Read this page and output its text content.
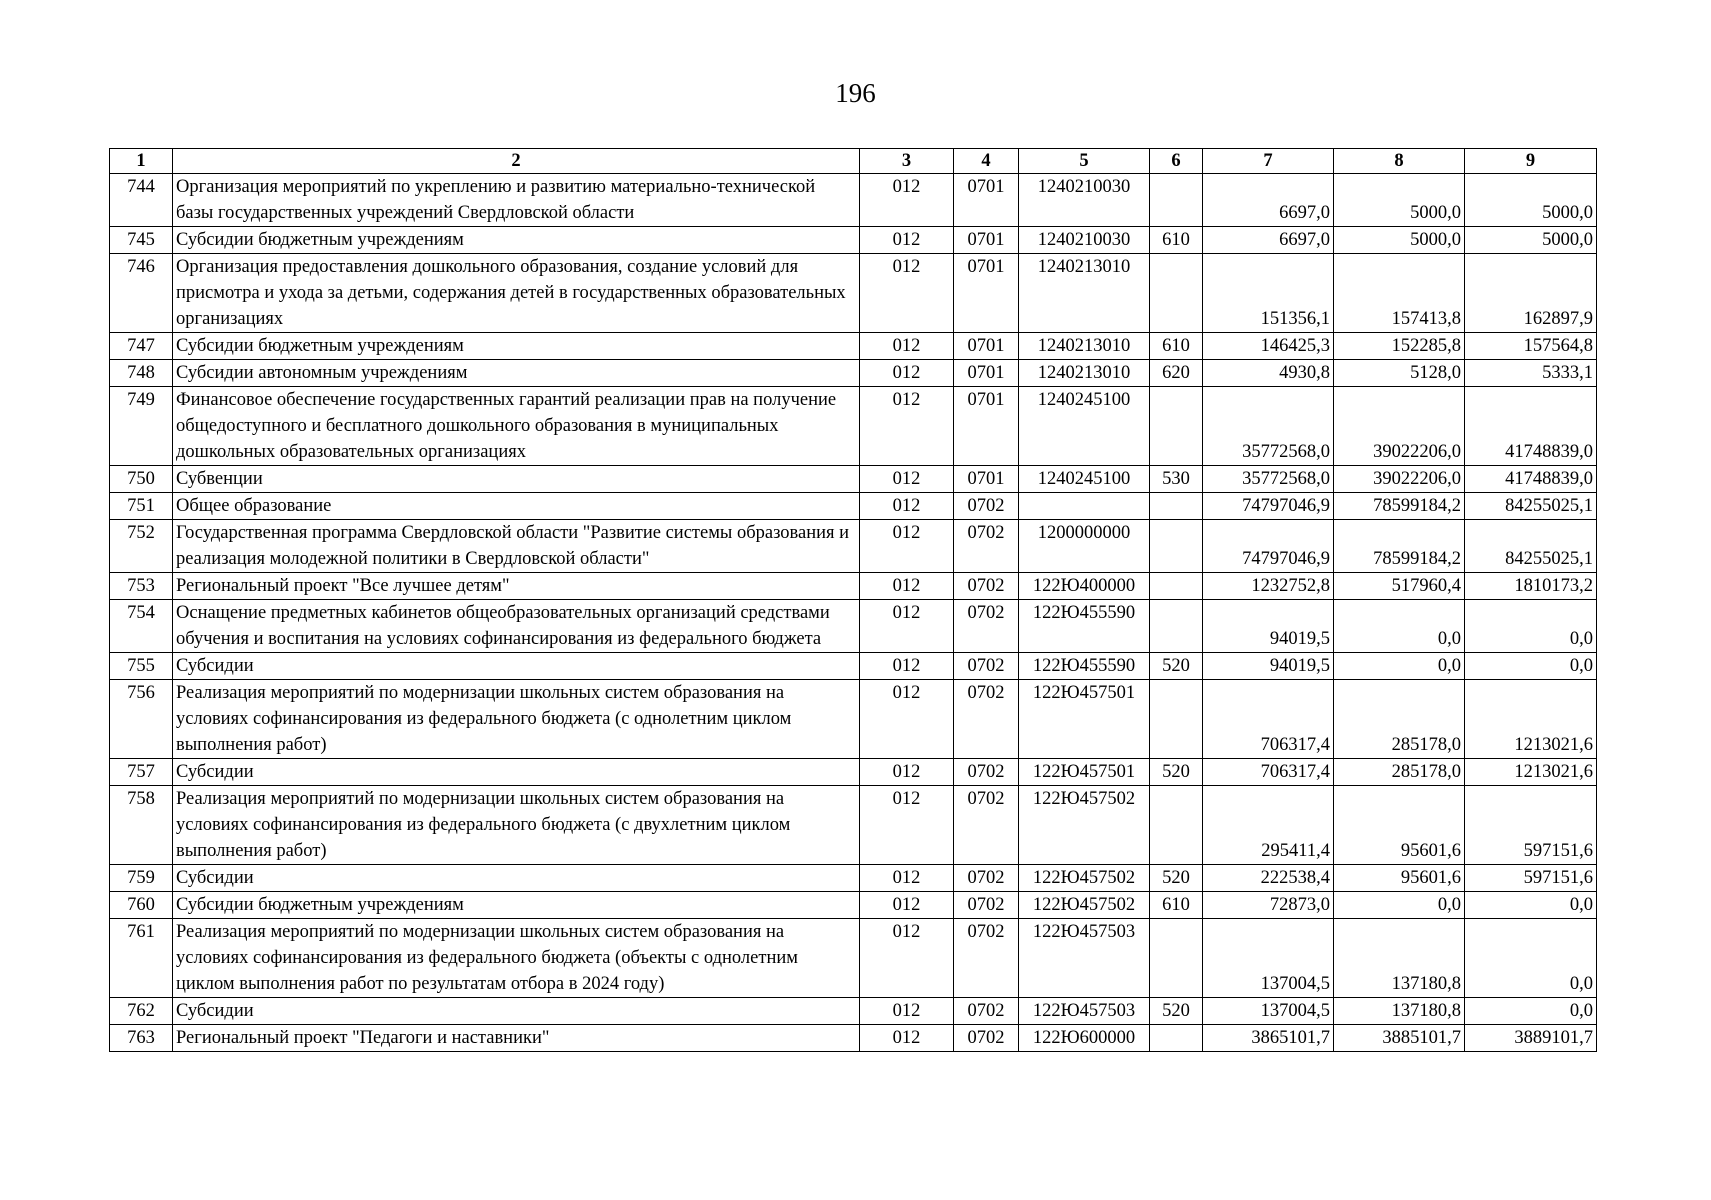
196
1	2	3	4	5	6	7	8	9
744	Организация мероприятий по укреплению и развитию материально-технической базы государственных учреждений Свердловской области	012	0701	1240210030		6697,0	5000,0	5000,0
745	Субсидии бюджетным учреждениям	012	0701	1240210030	610	6697,0	5000,0	5000,0
746	Организация предоставления дошкольного образования, создание условий для присмотра и ухода за детьми, содержания детей в государственных образовательных организациях	012	0701	1240213010		151356,1	157413,8	162897,9
747	Субсидии бюджетным учреждениям	012	0701	1240213010	610	146425,3	152285,8	157564,8
748	Субсидии автономным учреждениям	012	0701	1240213010	620	4930,8	5128,0	5333,1
749	Финансовое обеспечение государственных гарантий реализации прав на получение общедоступного и бесплатного дошкольного образования в муниципальных дошкольных образовательных организациях	012	0701	1240245100		35772568,0	39022206,0	41748839,0
750	Субвенции	012	0701	1240245100	530	35772568,0	39022206,0	41748839,0
751	Общее образование	012	0702			74797046,9	78599184,2	84255025,1
752	Государственная программа Свердловской области "Развитие системы образования и реализация молодежной политики в Свердловской области"	012	0702	1200000000		74797046,9	78599184,2	84255025,1
753	Региональный проект "Все лучшее детям"	012	0702	122Ю400000		1232752,8	517960,4	1810173,2
754	Оснащение предметных кабинетов общеобразовательных организаций средствами обучения и воспитания на условиях софинансирования из федерального бюджета	012	0702	122Ю455590		94019,5	0,0	0,0
755	Субсидии	012	0702	122Ю455590	520	94019,5	0,0	0,0
756	Реализация мероприятий по модернизации школьных систем образования на условиях софинансирования из федерального бюджета (с однолетним циклом выполнения работ)	012	0702	122Ю457501		706317,4	285178,0	1213021,6
757	Субсидии	012	0702	122Ю457501	520	706317,4	285178,0	1213021,6
758	Реализация мероприятий по модернизации школьных систем образования на условиях софинансирования из федерального бюджета (с двухлетним циклом выполнения работ)	012	0702	122Ю457502		295411,4	95601,6	597151,6
759	Субсидии	012	0702	122Ю457502	520	222538,4	95601,6	597151,6
760	Субсидии бюджетным учреждениям	012	0702	122Ю457502	610	72873,0	0,0	0,0
761	Реализация мероприятий по модернизации школьных систем образования на условиях софинансирования из федерального бюджета (объекты с однолетним циклом выполнения работ по результатам отбора в 2024 году)	012	0702	122Ю457503		137004,5	137180,8	0,0
762	Субсидии	012	0702	122Ю457503	520	137004,5	137180,8	0,0
763	Региональный проект "Педагоги и наставники"	012	0702	122Ю600000		3865101,7	3885101,7	3889101,7
